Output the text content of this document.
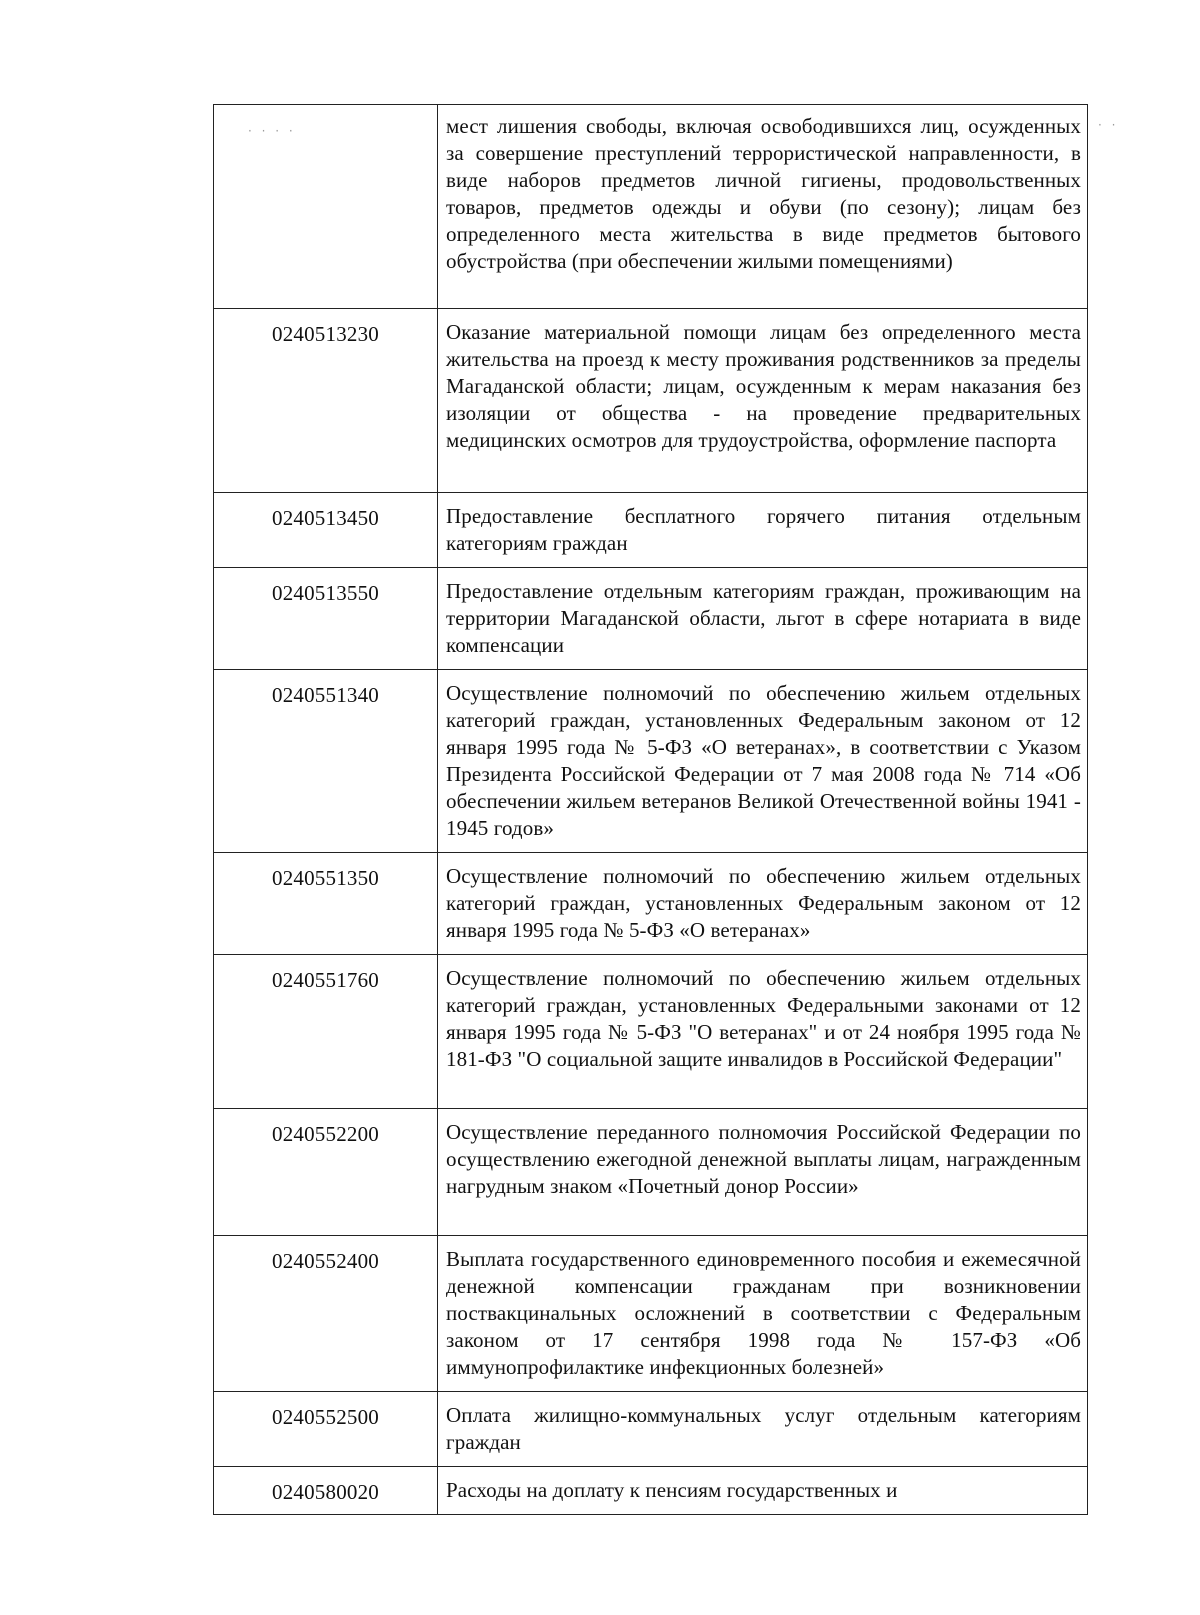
· · · ·	· ·

	мест лишения свободы, включая освободившихся лиц, осужденных за совершение преступлений террористической направленности, в виде наборов предметов личной гигиены, продовольственных товаров, предметов одежды и обуви (по сезону); лицам без определенного места жительства в виде предметов бытового обустройства (при обеспечении жилыми помещениями)

0240513230	Оказание материальной помощи лицам без определенного места жительства на проезд к месту проживания родственников за пределы Магаданской области; лицам, осужденным к мерам наказания без изоляции от общества - на проведение предварительных медицинских осмотров для трудоустройства, оформление паспорта

0240513450	Предоставление бесплатного горячего питания отдельным категориям граждан

0240513550	Предоставление отдельным категориям граждан, проживающим на территории Магаданской области, льгот в сфере нотариата в виде компенсации

0240551340	Осуществление полномочий по обеспечению жильем отдельных категорий граждан, установленных Федеральным законом от 12 января 1995 года № 5-ФЗ «О ветеранах», в соответствии с Указом Президента Российской Федерации от 7 мая 2008 года № 714 «Об обеспечении жильем ветеранов Великой Отечественной войны 1941 - 1945 годов»

0240551350	Осуществление полномочий по обеспечению жильем отдельных категорий граждан, установленных Федеральным законом от 12 января 1995 года № 5-ФЗ «О ветеранах»

0240551760	Осуществление полномочий по обеспечению жильем отдельных категорий граждан, установленных Федеральными законами от 12 января 1995 года № 5-ФЗ "О ветеранах" и от 24 ноября 1995 года № 181-ФЗ "О социальной защите инвалидов в Российской Федерации"

0240552200	Осуществление переданного полномочия Российской Федерации по осуществлению ежегодной денежной выплаты лицам, награжденным нагрудным знаком «Почетный донор России»

0240552400	Выплата государственного единовременного пособия и ежемесячной денежной компенсации гражданам при возникновении поствакцинальных осложнений в соответствии с Федеральным законом от 17 сентября 1998 года № 157-ФЗ «Об иммунопрофилактике инфекционных болезней»

0240552500	Оплата жилищно-коммунальных услуг отдельным категориям граждан

0240580020	Расходы на доплату к пенсиям государственных и
